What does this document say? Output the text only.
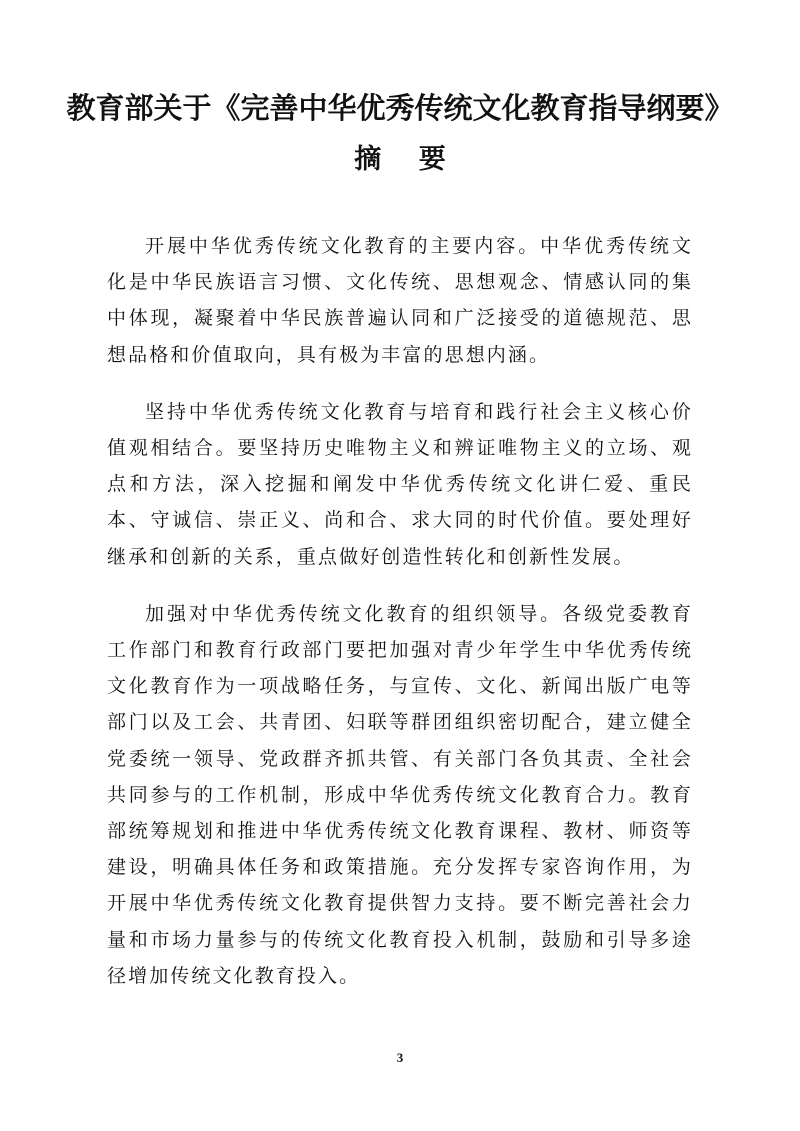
教育部关于《完善中华优秀传统文化教育指导纲要》
摘    要

开展中华优秀传统文化教育的主要内容。中华优秀传统文化是中华民族语言习惯、文化传统、思想观念、情感认同的集中体现，凝聚着中华民族普遍认同和广泛接受的道德规范、思想品格和价值取向，具有极为丰富的思想内涵。

坚持中华优秀传统文化教育与培育和践行社会主义核心价值观相结合。要坚持历史唯物主义和辨证唯物主义的立场、观点和方法，深入挖掘和阐发中华优秀传统文化讲仁爱、重民本、守诚信、崇正义、尚和合、求大同的时代价值。要处理好继承和创新的关系，重点做好创造性转化和创新性发展。

加强对中华优秀传统文化教育的组织领导。各级党委教育工作部门和教育行政部门要把加强对青少年学生中华优秀传统文化教育作为一项战略任务，与宣传、文化、新闻出版广电等部门以及工会、共青团、妇联等群团组织密切配合，建立健全党委统一领导、党政群齐抓共管、有关部门各负其责、全社会共同参与的工作机制，形成中华优秀传统文化教育合力。教育部统筹规划和推进中华优秀传统文化教育课程、教材、师资等建设，明确具体任务和政策措施。充分发挥专家咨询作用，为开展中华优秀传统文化教育提供智力支持。要不断完善社会力量和市场力量参与的传统文化教育投入机制，鼓励和引导多途径增加传统文化教育投入。

3
